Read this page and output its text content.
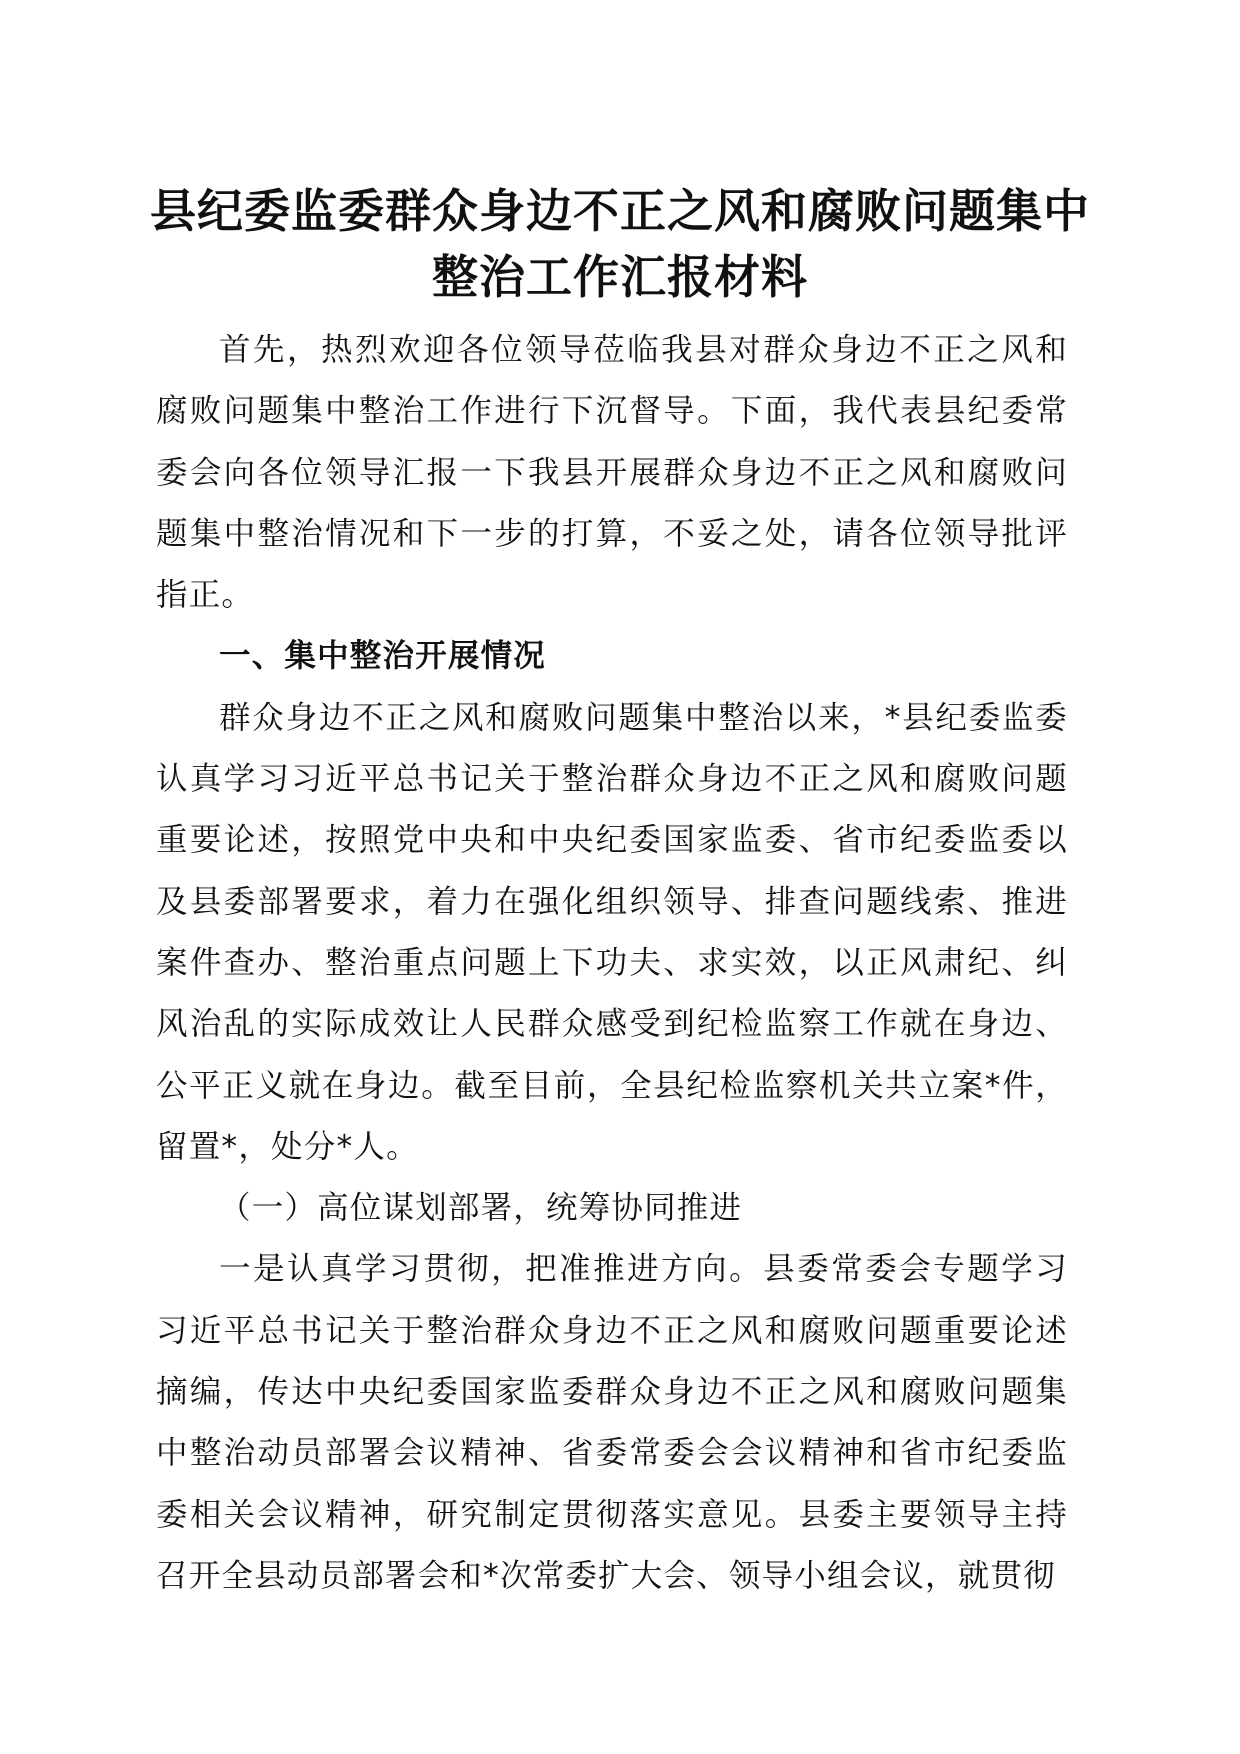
县纪委监委群众身边不正之风和腐败问题集中
整治工作汇报材料

首先，热烈欢迎各位领导莅临我县对群众身边不正之风和腐败问题集中整治工作进行下沉督导。下面，我代表县纪委常委会向各位领导汇报一下我县开展群众身边不正之风和腐败问题集中整治情况和下一步的打算，不妥之处，请各位领导批评指正。

一、集中整治开展情况

群众身边不正之风和腐败问题集中整治以来，*县纪委监委认真学习习近平总书记关于整治群众身边不正之风和腐败问题重要论述，按照党中央和中央纪委国家监委、省市纪委监委以及县委部署要求，着力在强化组织领导、排查问题线索、推进案件查办、整治重点问题上下功夫、求实效，以正风肃纪、纠风治乱的实际成效让人民群众感受到纪检监察工作就在身边、公平正义就在身边。截至目前，全县纪检监察机关共立案*件，留置*，处分*人。

（一）高位谋划部署，统筹协同推进

一是认真学习贯彻，把准推进方向。县委常委会专题学习习近平总书记关于整治群众身边不正之风和腐败问题重要论述摘编，传达中央纪委国家监委群众身边不正之风和腐败问题集中整治动员部署会议精神、省委常委会会议精神和省市纪委监委相关会议精神，研究制定贯彻落实意见。县委主要领导主持召开全县动员部署会和*次常委扩大会、领导小组会议，就贯彻
